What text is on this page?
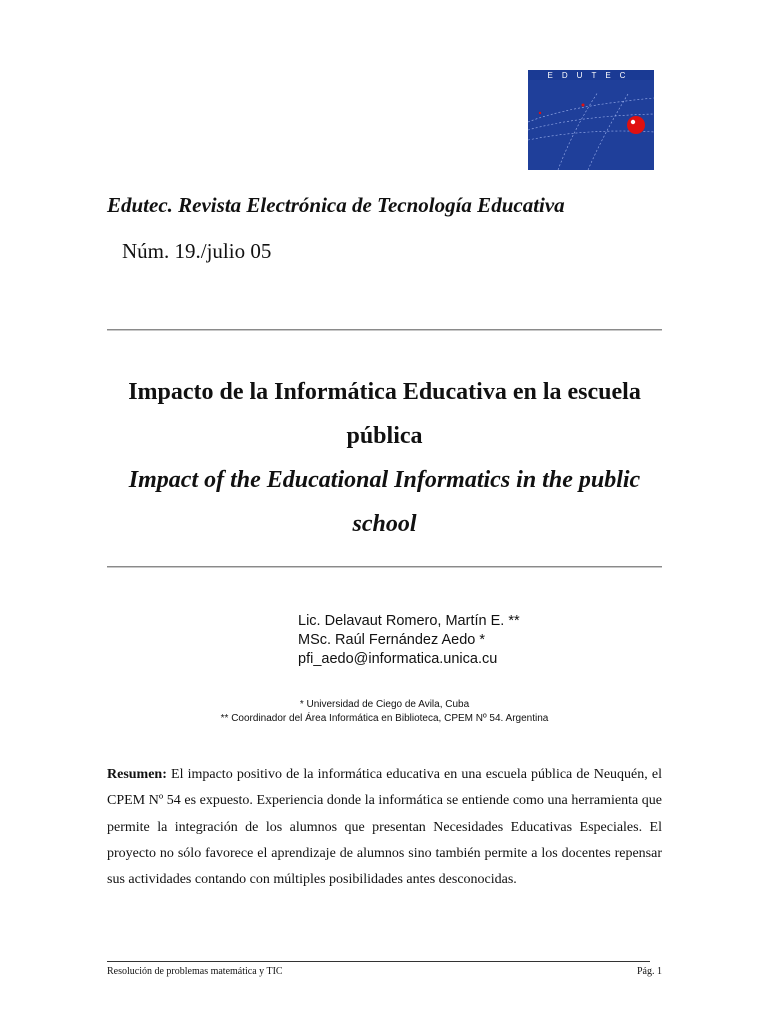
EDUTEC

Edutec. Revista Electrónica de Tecnología Educativa

Núm. 19./julio 05

Impacto de la Informática Educativa en la escuela pública

Impact of the Educational Informatics in the public school

Lic. Delavaut Romero, Martín E. **
MSc. Raúl Fernández Aedo *
pfi_aedo@informatica.unica.cu
* Universidad de Ciego de Avila, Cuba
** Coordinador del Área Informática en Biblioteca, CPEM Nº 54. Argentina

Resumen: El impacto positivo de la informática educativa en una escuela pública de Neuquén, el CPEM Nº 54 es expuesto. Experiencia donde la informática se entiende como una herramienta que permite la integración de los alumnos que presentan Necesidades Educativas Especiales. El proyecto no sólo favorece el aprendizaje de alumnos sino también permite a los docentes repensar sus actividades contando con múltiples posibilidades antes desconocidas.

Resolución de problemas matemática y TIC	Pág. 1
